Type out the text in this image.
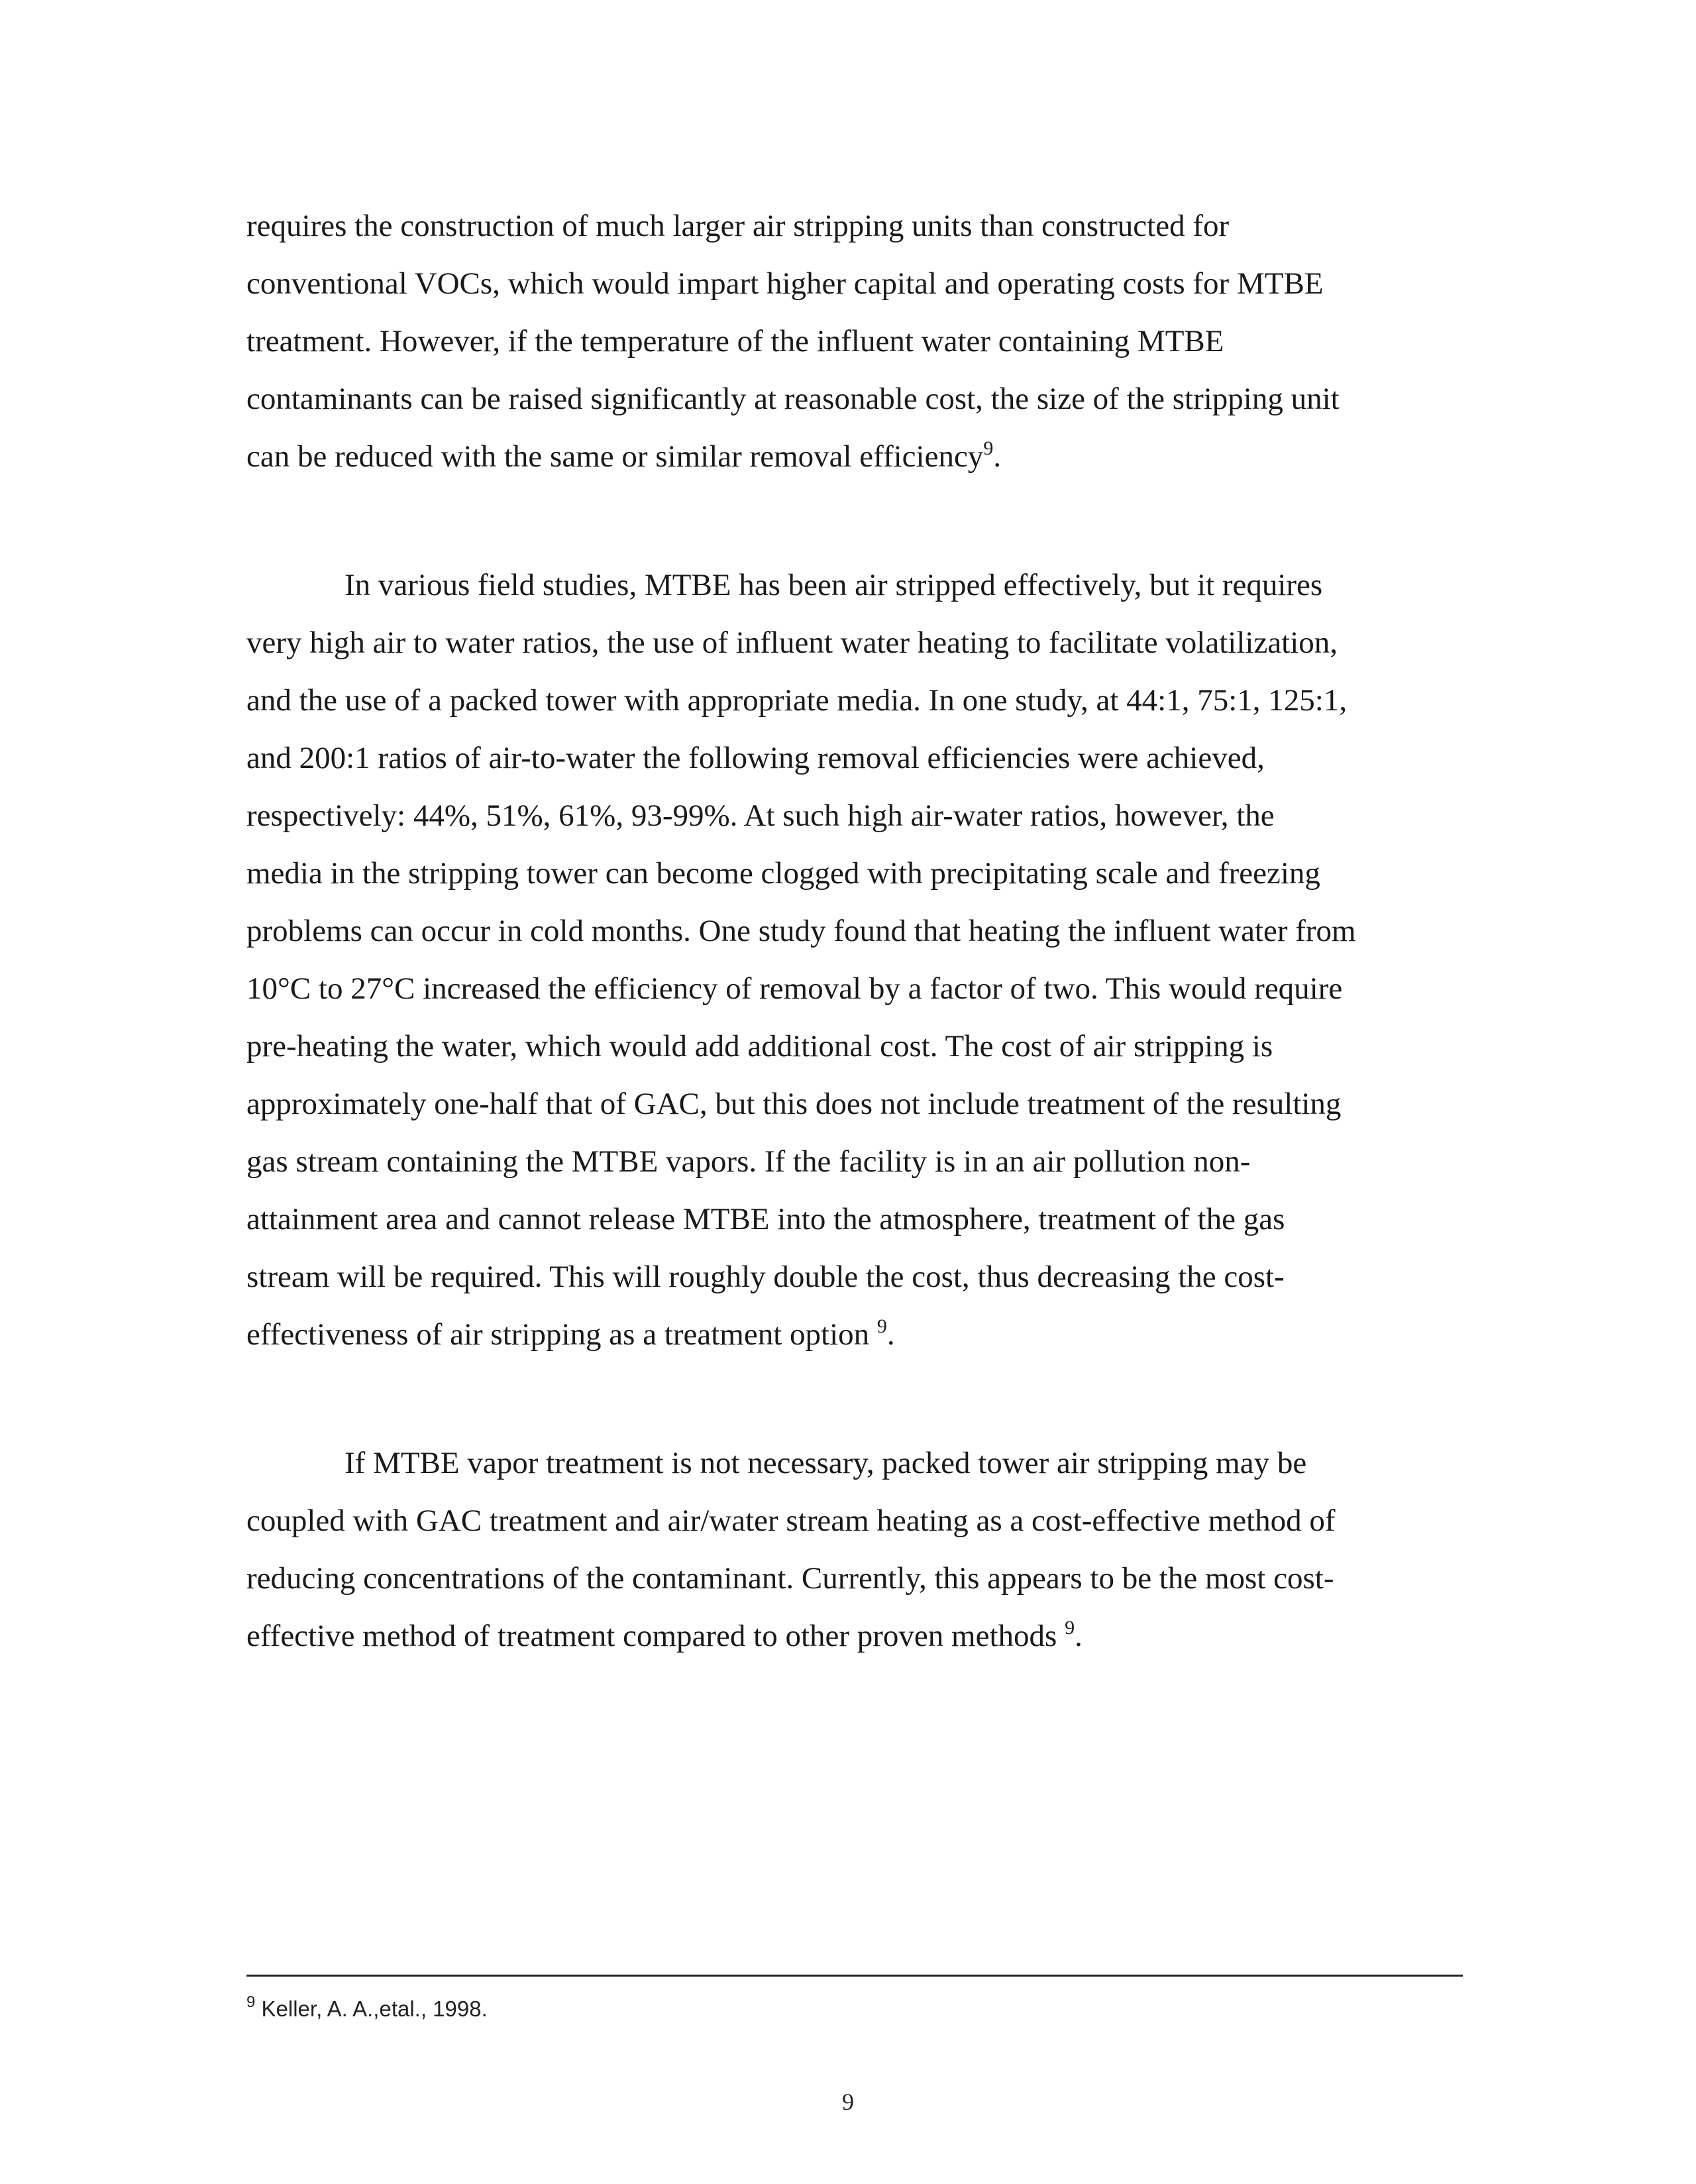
requires the construction of much larger air stripping units than constructed for
conventional VOCs, which would impart higher capital and operating costs for MTBE
treatment. However, if the temperature of the influent water containing MTBE
contaminants can be raised significantly at reasonable cost, the size of the stripping unit
can be reduced with the same or similar removal efficiency$^9$.
In various field studies, MTBE has been air stripped effectively, but it requires
very high air to water ratios, the use of influent water heating to facilitate volatilization,
and the use of a packed tower with appropriate media. In one study, at 44:1, 75:1, 125:1,
and 200:1 ratios of air-to-water the following removal efficiencies were achieved,
respectively: 44%, 51%, 61%, 93-99%. At such high air-water ratios, however, the
media in the stripping tower can become clogged with precipitating scale and freezing
problems can occur in cold months. One study found that heating the influent water from
10°C to 27°C increased the efficiency of removal by a factor of two. This would require
pre-heating the water, which would add additional cost. The cost of air stripping is
approximately one-half that of GAC, but this does not include treatment of the resulting
gas stream containing the MTBE vapors. If the facility is in an air pollution non-
attainment area and cannot release MTBE into the atmosphere, treatment of the gas
stream will be required. This will roughly double the cost, thus decreasing the cost-
effectiveness of air stripping as a treatment option $^9$.
If MTBE vapor treatment is not necessary, packed tower air stripping may be
coupled with GAC treatment and air/water stream heating as a cost-effective method of
reducing concentrations of the contaminant. Currently, this appears to be the most cost-
effective method of treatment compared to other proven methods $^9$.
$^9$ Keller, A. A.,etal., 1998.
9
